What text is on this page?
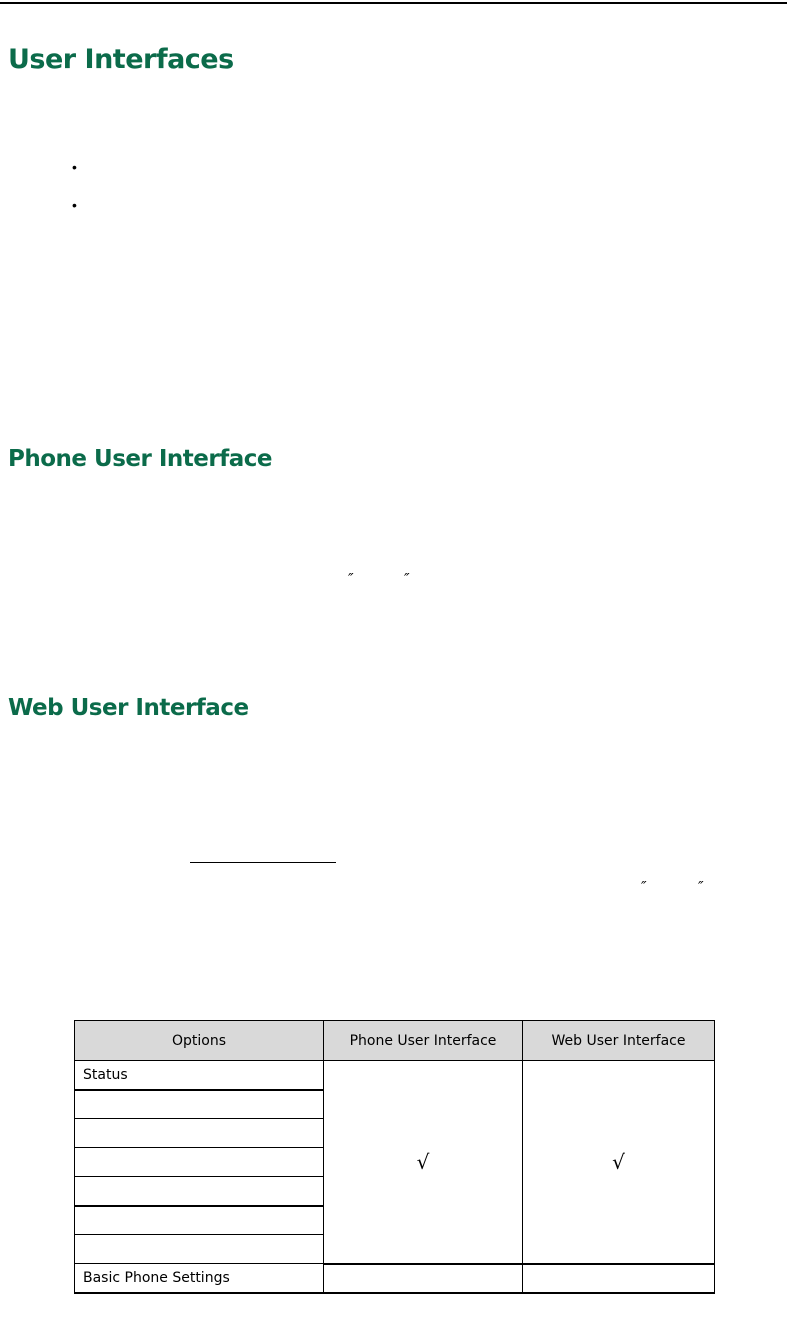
User Interfaces
•
•
Phone User Interface
″	″
Web User Interface
″	″
Options	Phone User Interface	Web User Interface
Status	√	√

Basic Phone Settings		
